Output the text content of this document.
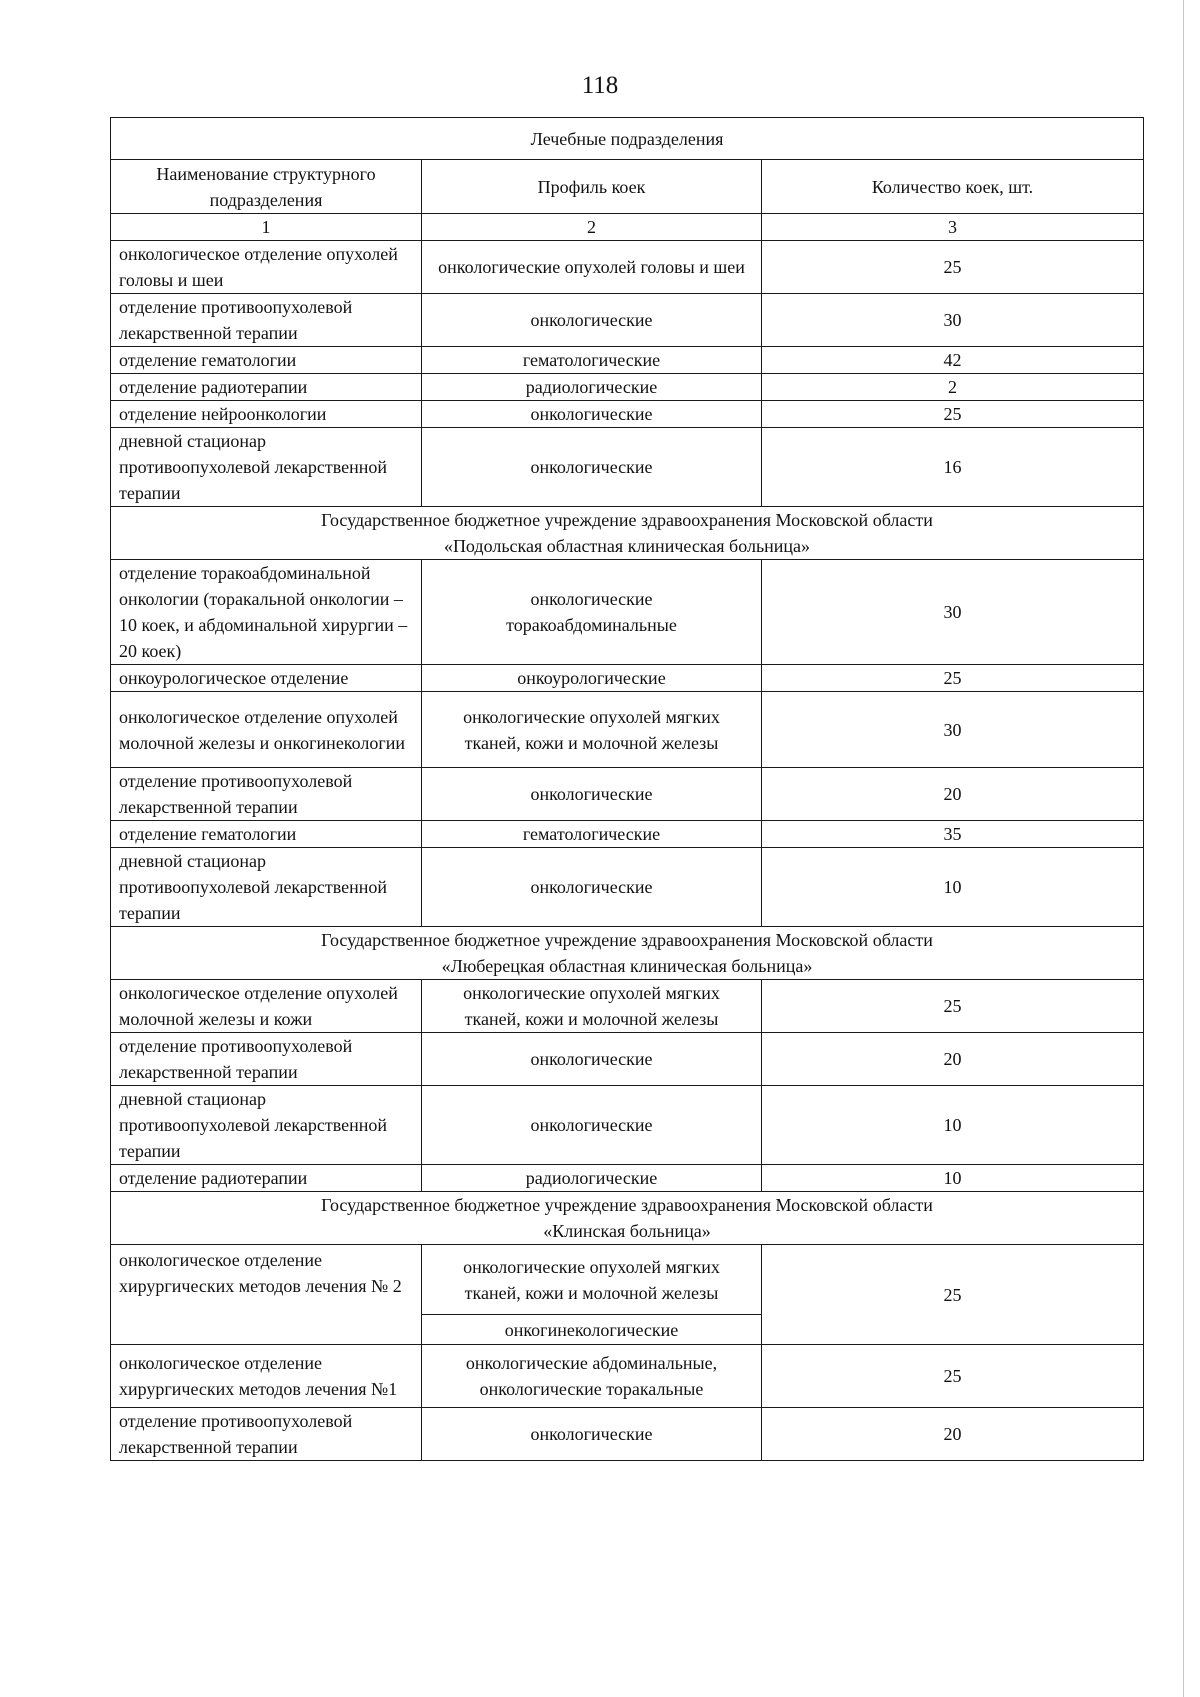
118
Лечебные подразделения		
Наименование структурного подразделения	Профиль коек	Количество коек, шт.
1	2	3
онкологическое отделение опухолей головы и шеи	онкологические опухолей головы и шеи	25
отделение противоопухолевой лекарственной терапии	онкологические	30
отделение гематологии	гематологические	42
отделение радиотерапии	радиологические	2
отделение нейроонкологии	онкологические	25
дневной стационар противоопухолевой лекарственной терапии	онкологические	16

Государственное бюджетное учреждение здравоохранения Московской области
«Подольская областная клиническая больница»		

отделение торакоабдоминальной онкологии (торакальной онкологии – 10 коек, и абдоминальной хирургии – 20 коек)	онкологические торакоабдоминальные	30
онкоурологическое отделение	онкоурологические	25
онкологическое отделение опухолей молочной железы и онкогинекологии	онкологические опухолей мягких тканей, кожи и молочной железы	30
отделение противоопухолевой лекарственной терапии	онкологические	20
отделение гематологии	гематологические	35
дневной стационар противоопухолевой лекарственной терапии	онкологические	10

Государственное бюджетное учреждение здравоохранения Московской области
«Люберецкая областная клиническая больница»		

онкологическое отделение опухолей молочной железы и кожи	онкологические опухолей мягких тканей, кожи и молочной железы	25
отделение противоопухолевой лекарственной терапии	онкологические	20
дневной стационар противоопухолевой лекарственной терапии	онкологические	10
отделение радиотерапии	радиологические	10

Государственное бюджетное учреждение здравоохранения Московской области
«Клинская больница»		

онкологическое отделение хирургических методов лечения № 2	онкологические опухолей мягких тканей, кожи и молочной железы	25
	онкогинекологические	
онкологическое отделение хирургических методов лечения №1	онкологические абдоминальные, онкологические торакальные	25
отделение противоопухолевой лекарственной терапии	онкологические	20
